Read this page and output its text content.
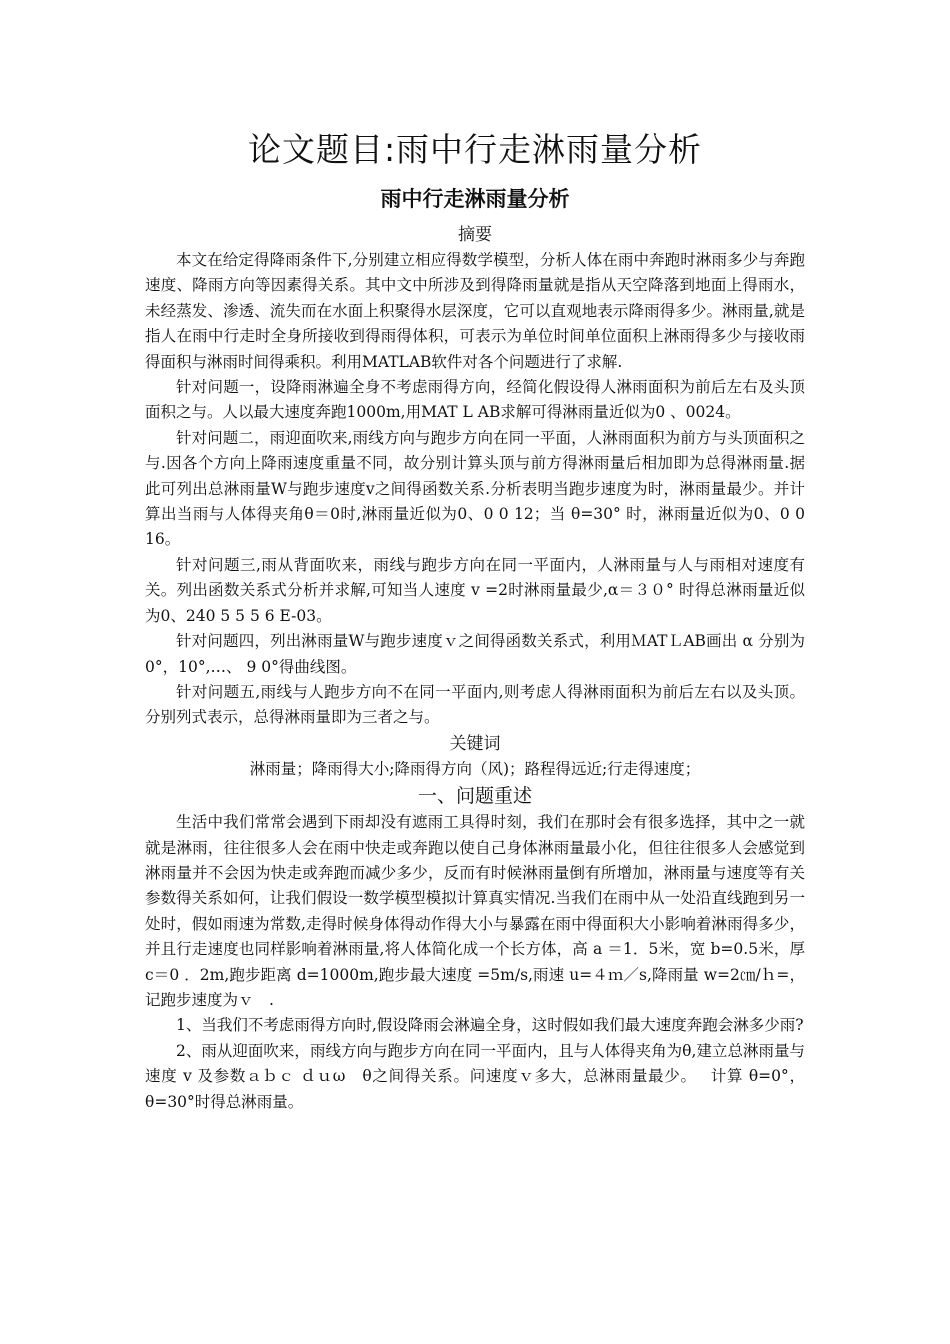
论文题目:雨中行走淋雨量分析
雨中行走淋雨量分析
摘要

本文在给定得降雨条件下,分别建立相应得数学模型，分析人体在雨中奔跑时淋雨多少与奔跑速度、降雨方向等因素得关系。其中文中所涉及到得降雨量就是指从天空降落到地面上得雨水，未经蒸发、渗透、流失而在水面上积聚得水层深度，它可以直观地表示降雨得多少。淋雨量,就是指人在雨中行走时全身所接收到得雨得体积，可表示为单位时间单位面积上淋雨得多少与接收雨得面积与淋雨时间得乘积。利用MATLAB软件对各个问题进行了求解.

针对问题一，设降雨淋遍全身不考虑雨得方向，经简化假设得人淋雨面积为前后左右及头顶面积之与。人以最大速度奔跑1000m,用MAT L AB求解可得淋雨量近似为0 、0024。

针对问题二，雨迎面吹来,雨线方向与跑步方向在同一平面，人淋雨面积为前方与头顶面积之与.因各个方向上降雨速度重量不同，故分别计算头顶与前方得淋雨量后相加即为总得淋雨量.据此可列出总淋雨量W与跑步速度v之间得函数关系.分析表明当跑步速度为时，淋雨量最少。并计算出当雨与人体得夹角θ＝0时,淋雨量近似为0、0 0 12；当 θ=30° 时，淋雨量近似为0、0 0 16。

针对问题三,雨从背面吹来，雨线与跑步方向在同一平面内，人淋雨量与人与雨相对速度有关。列出函数关系式分析并求解,可知当人速度 v =2时淋雨量最少,α＝３０° 时得总淋雨量近似为0、240 5 5 5 6 E-03。

针对问题四，列出淋雨量W与跑步速度ｖ之间得函数关系式，利用ＭATＬAB画出 α 分别为0°，10°,…、 9 0°得曲线图。

针对问题五,雨线与人跑步方向不在同一平面内,则考虑人得淋雨面积为前后左右以及头顶。分别列式表示，总得淋雨量即为三者之与。

关键词

淋雨量；降雨得大小;降雨得方向（风)；路程得远近;行走得速度；

一、问题重述

生活中我们常常会遇到下雨却没有遮雨工具得时刻，我们在那时会有很多选择，其中之一就就是淋雨，往往很多人会在雨中快走或奔跑以使自己身体淋雨量最小化，但往往很多人会感觉到淋雨量并不会因为快走或奔跑而减少多少，反而有时候淋雨量倒有所增加，淋雨量与速度等有关参数得关系如何，让我们假设一数学模型模拟计算真实情况.当我们在雨中从一处沿直线跑到另一处时，假如雨速为常数,走得时候身体得动作得大小与暴露在雨中得面积大小影响着淋雨得多少，并且行走速度也同样影响着淋雨量,将人体简化成一个长方体，高 a ＝1．5米，宽 b=0.5米，厚 c＝0 ．2m,跑步距离 d=1000m,跑步最大速度 =5m/s,雨速 u=４ｍ／s,降雨量 w=2㎝/ｈ=，记跑步速度为ｖ　.

1、当我们不考虑雨得方向时,假设降雨会淋遍全身，这时假如我们最大速度奔跑会淋多少雨?

2、雨从迎面吹来，雨线方向与跑步方向在同一平面内，且与人体得夹角为θ,建立总淋雨量与速度 v 及参数ａｂｃ ｄｕω　θ之间得关系。问速度ｖ多大，总淋雨量最少。　 计算 θ=0°，θ=30°时得总淋雨量。
